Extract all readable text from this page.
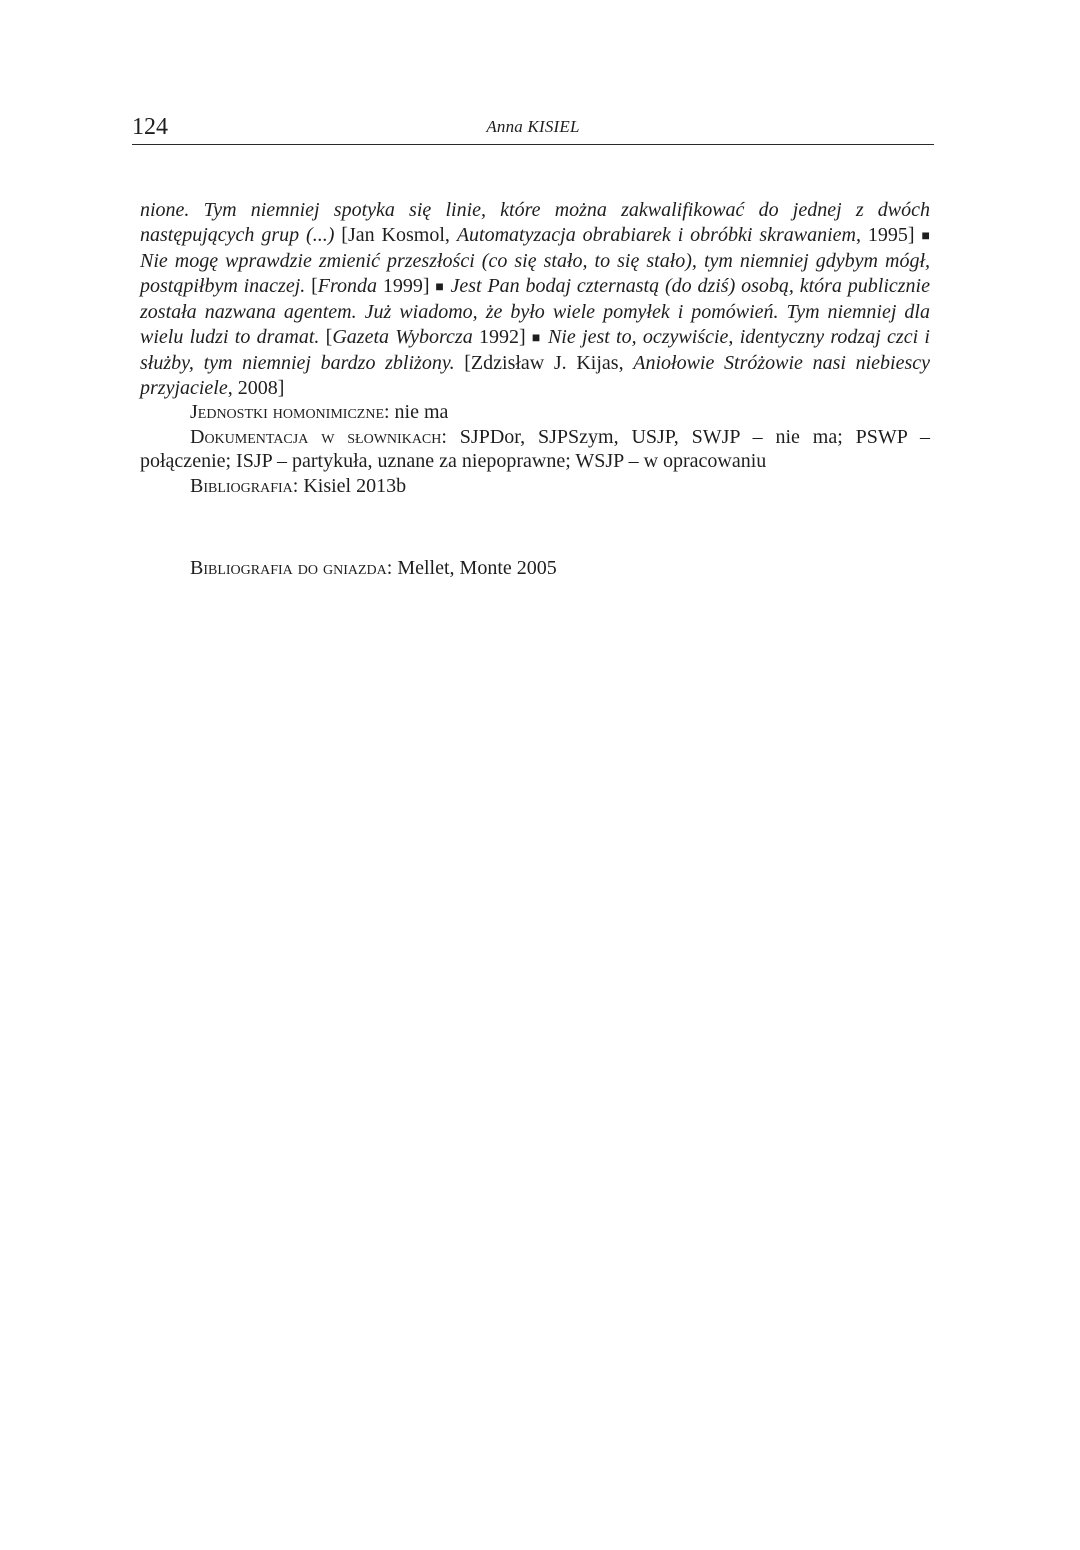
124	Anna KISIEL

nione. Tym niemniej spotyka się linie, które można zakwalifikować do jednej z dwóch następujących grup (...) [Jan Kosmol, Automatyzacja obrabiarek i obróbki skrawaniem, 1995] ■ Nie mogę wprawdzie zmienić przeszłości (co się stało, to się stało), tym niemniej gdybym mógł, postąpiłbym inaczej. [Fronda 1999] ■ Jest Pan bodaj czternastą (do dziś) osobą, która publicznie została nazwana agentem. Już wiadomo, że było wiele pomyłek i pomówień. Tym niemniej dla wielu ludzi to dramat. [Gazeta Wyborcza 1992] ■ Nie jest to, oczywiście, identyczny rodzaj czci i służby, tym niemniej bardzo zbliżony. [Zdzisław J. Kijas, Aniołowie Stróżowie nasi niebiescy przyjaciele, 2008]

Jednostki homonimiczne: nie ma

Dokumentacja w słownikach: SJPDor, SJPSzym, USJP, SWJP – nie ma; PSWP – połączenie; ISJP – partykuła, uznane za niepoprawne; WSJP – w opracowaniu

Bibliografia: Kisiel 2013b

Bibliografia do gniazda: Mellet, Monte 2005
